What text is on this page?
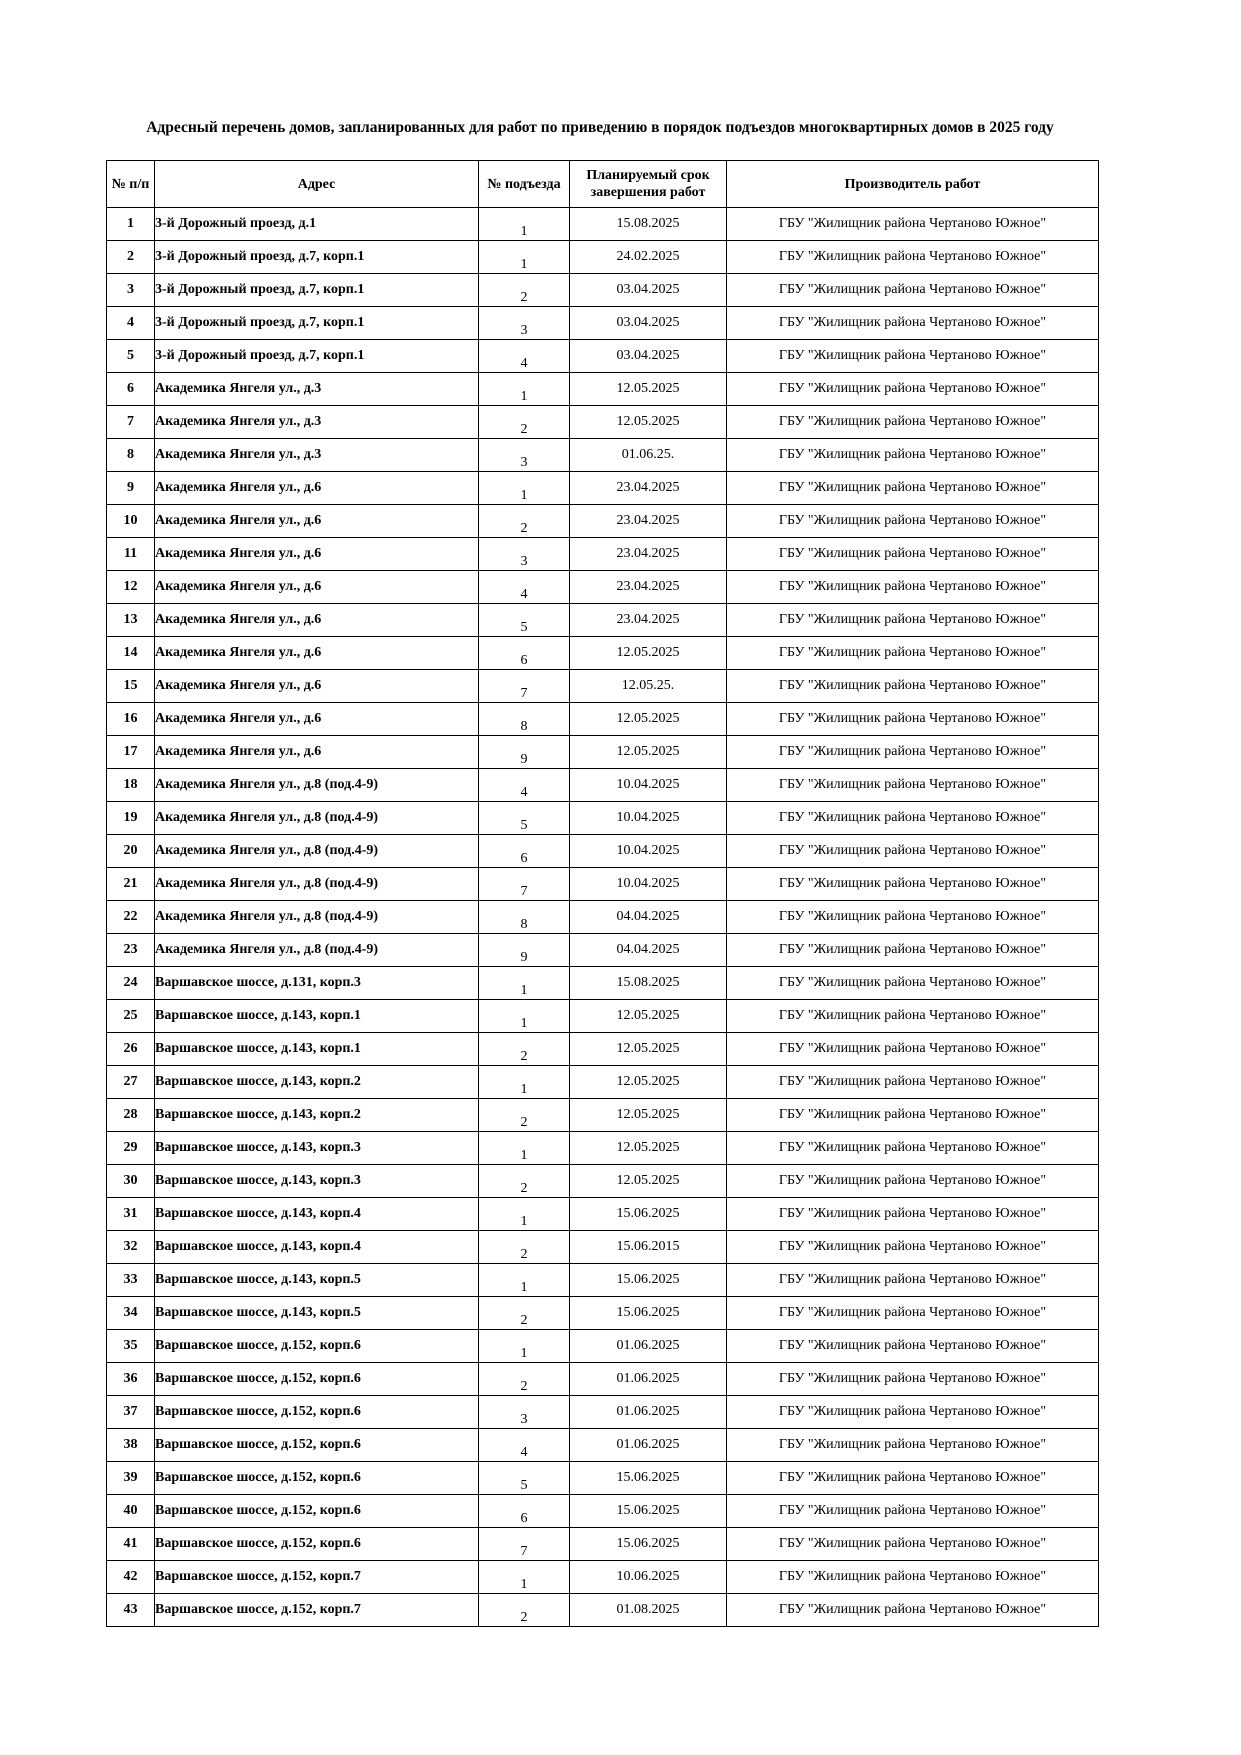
Адресный перечень домов, запланированных для работ по приведению в порядок подъездов многоквартирных домов в 2025 году
№ п/п	Адрес	№ подъезда	Планируемый срок завершения работ	Производитель работ
1	3-й Дорожный проезд, д.1	1	15.08.2025	ГБУ "Жилищник района Чертаново Южное"
2	3-й Дорожный проезд, д.7, корп.1	1	24.02.2025	ГБУ "Жилищник района Чертаново Южное"
3	3-й Дорожный проезд, д.7, корп.1	2	03.04.2025	ГБУ "Жилищник района Чертаново Южное"
4	3-й Дорожный проезд, д.7, корп.1	3	03.04.2025	ГБУ "Жилищник района Чертаново Южное"
5	3-й Дорожный проезд, д.7, корп.1	4	03.04.2025	ГБУ "Жилищник района Чертаново Южное"
6	Академика Янгеля ул., д.3	1	12.05.2025	ГБУ "Жилищник района Чертаново Южное"
7	Академика Янгеля ул., д.3	2	12.05.2025	ГБУ "Жилищник района Чертаново Южное"
8	Академика Янгеля ул., д.3	3	01.06.25.	ГБУ "Жилищник района Чертаново Южное"
9	Академика Янгеля ул., д.6	1	23.04.2025	ГБУ "Жилищник района Чертаново Южное"
10	Академика Янгеля ул., д.6	2	23.04.2025	ГБУ "Жилищник района Чертаново Южное"
11	Академика Янгеля ул., д.6	3	23.04.2025	ГБУ "Жилищник района Чертаново Южное"
12	Академика Янгеля ул., д.6	4	23.04.2025	ГБУ "Жилищник района Чертаново Южное"
13	Академика Янгеля ул., д.6	5	23.04.2025	ГБУ "Жилищник района Чертаново Южное"
14	Академика Янгеля ул., д.6	6	12.05.2025	ГБУ "Жилищник района Чертаново Южное"
15	Академика Янгеля ул., д.6	7	12.05.25.	ГБУ "Жилищник района Чертаново Южное"
16	Академика Янгеля ул., д.6	8	12.05.2025	ГБУ "Жилищник района Чертаново Южное"
17	Академика Янгеля ул., д.6	9	12.05.2025	ГБУ "Жилищник района Чертаново Южное"
18	Академика Янгеля ул., д.8 (под.4-9)	4	10.04.2025	ГБУ "Жилищник района Чертаново Южное"
19	Академика Янгеля ул., д.8 (под.4-9)	5	10.04.2025	ГБУ "Жилищник района Чертаново Южное"
20	Академика Янгеля ул., д.8 (под.4-9)	6	10.04.2025	ГБУ "Жилищник района Чертаново Южное"
21	Академика Янгеля ул., д.8 (под.4-9)	7	10.04.2025	ГБУ "Жилищник района Чертаново Южное"
22	Академика Янгеля ул., д.8 (под.4-9)	8	04.04.2025	ГБУ "Жилищник района Чертаново Южное"
23	Академика Янгеля ул., д.8 (под.4-9)	9	04.04.2025	ГБУ "Жилищник района Чертаново Южное"
24	Варшавское шоссе, д.131, корп.3	1	15.08.2025	ГБУ "Жилищник района Чертаново Южное"
25	Варшавское шоссе, д.143, корп.1	1	12.05.2025	ГБУ "Жилищник района Чертаново Южное"
26	Варшавское шоссе, д.143, корп.1	2	12.05.2025	ГБУ "Жилищник района Чертаново Южное"
27	Варшавское шоссе, д.143, корп.2	1	12.05.2025	ГБУ "Жилищник района Чертаново Южное"
28	Варшавское шоссе, д.143, корп.2	2	12.05.2025	ГБУ "Жилищник района Чертаново Южное"
29	Варшавское шоссе, д.143, корп.3	1	12.05.2025	ГБУ "Жилищник района Чертаново Южное"
30	Варшавское шоссе, д.143, корп.3	2	12.05.2025	ГБУ "Жилищник района Чертаново Южное"
31	Варшавское шоссе, д.143, корп.4	1	15.06.2025	ГБУ "Жилищник района Чертаново Южное"
32	Варшавское шоссе, д.143, корп.4	2	15.06.2015	ГБУ "Жилищник района Чертаново Южное"
33	Варшавское шоссе, д.143, корп.5	1	15.06.2025	ГБУ "Жилищник района Чертаново Южное"
34	Варшавское шоссе, д.143, корп.5	2	15.06.2025	ГБУ "Жилищник района Чертаново Южное"
35	Варшавское шоссе, д.152, корп.6	1	01.06.2025	ГБУ "Жилищник района Чертаново Южное"
36	Варшавское шоссе, д.152, корп.6	2	01.06.2025	ГБУ "Жилищник района Чертаново Южное"
37	Варшавское шоссе, д.152, корп.6	3	01.06.2025	ГБУ "Жилищник района Чертаново Южное"
38	Варшавское шоссе, д.152, корп.6	4	01.06.2025	ГБУ "Жилищник района Чертаново Южное"
39	Варшавское шоссе, д.152, корп.6	5	15.06.2025	ГБУ "Жилищник района Чертаново Южное"
40	Варшавское шоссе, д.152, корп.6	6	15.06.2025	ГБУ "Жилищник района Чертаново Южное"
41	Варшавское шоссе, д.152, корп.6	7	15.06.2025	ГБУ "Жилищник района Чертаново Южное"
42	Варшавское шоссе, д.152, корп.7	1	10.06.2025	ГБУ "Жилищник района Чертаново Южное"
43	Варшавское шоссе, д.152, корп.7	2	01.08.2025	ГБУ "Жилищник района Чертаново Южное"
